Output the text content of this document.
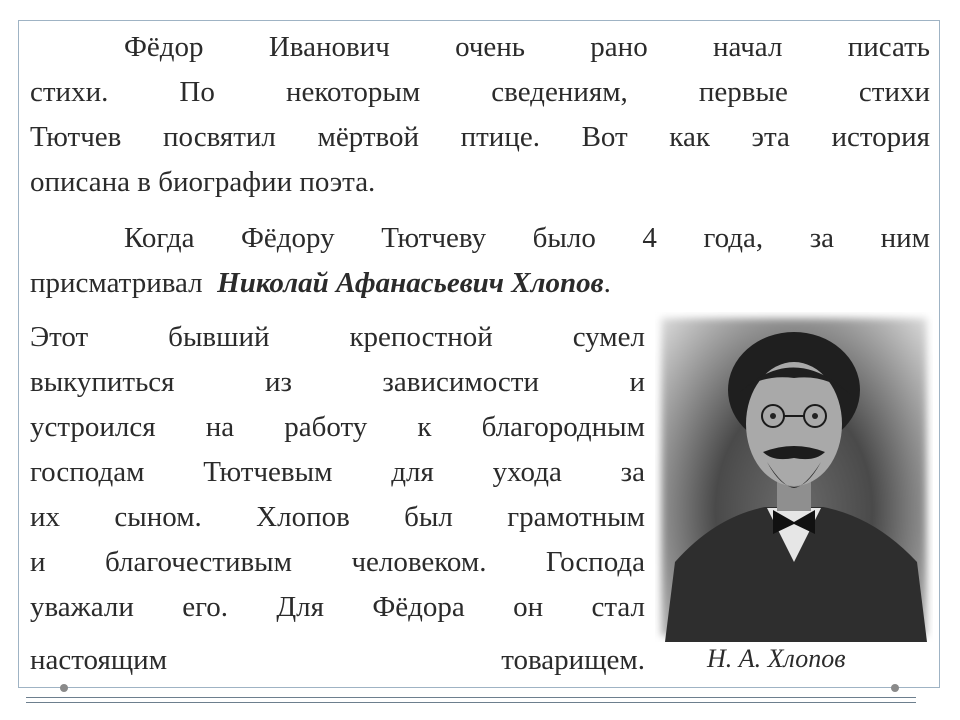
Фёдор Иванович очень рано начал писать
стихи. По некоторым сведениям, первые стихи
Тютчев посвятил мёртвой птице. Вот как эта история
описана в биографии поэта.
Когда Фёдору Тютчеву было 4 года, за ним
присматривал Николай Афанасьевич Хлопов.
Этот бывший крепостной сумел
выкупиться из зависимости и
устроился на работу к благородным
господам Тютчевым для ухода за
их сыном. Хлопов был грамотным
и благочестивым человеком. Господа
уважали его. Для Фёдора он стал
настоящим товарищем. Н. А. Хлопов
